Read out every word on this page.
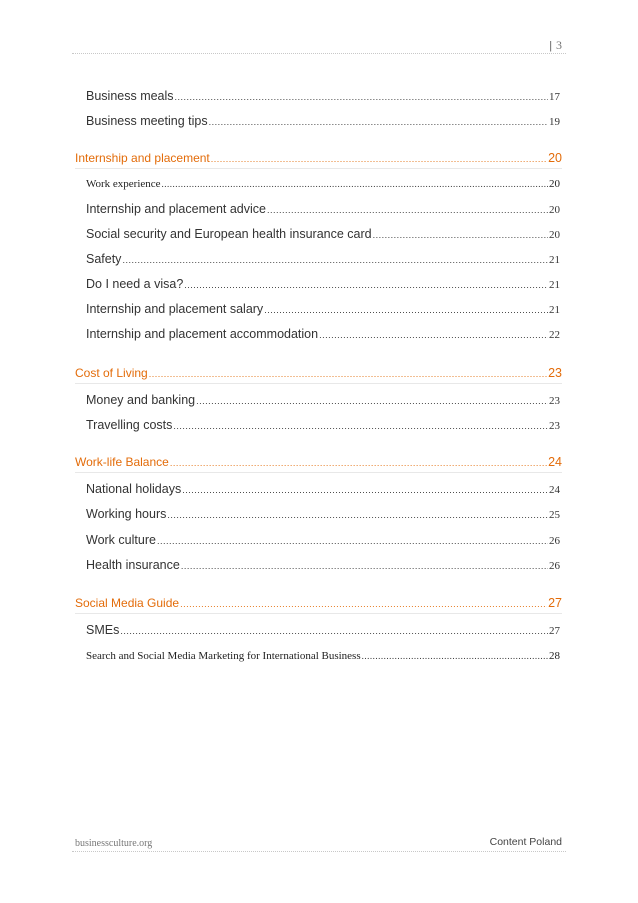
| 3
Business meals .....	17
Business meeting tips .....	19
Internship and placement .....	20
Work experience .....	20
Internship and placement advice .....	20
Social security and European health insurance card .....	20
Safety .....	21
Do I need a visa? .....	21
Internship and placement salary .....	21
Internship and placement accommodation .....	22
Cost of Living .....	23
Money and banking .....	23
Travelling costs .....	23
Work-life Balance .....	24
National holidays .....	24
Working hours .....	25
Work culture .....	26
Health insurance .....	26
Social Media Guide .....	27
SMEs .....	27
Search and Social Media Marketing for International Business .....	28
businessculture.org	Content Poland
